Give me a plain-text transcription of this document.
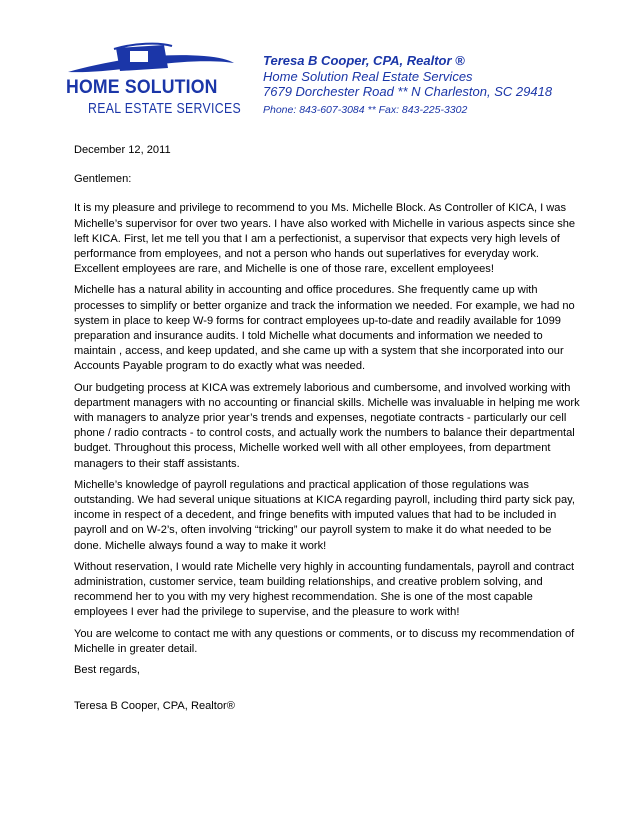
HOME SOLUTION
REAL ESTATE SERVICES
Teresa B Cooper, CPA, Realtor ®
Home Solution Real Estate Services
7679 Dorchester Road ** N Charleston, SC 29418
Phone: 843-607-3084 ** Fax: 843-225-3302

December 12, 2011

Gentlemen:

It is my pleasure and privilege to recommend to you Ms. Michelle Block. As Controller of KICA, I was
Michelle’s supervisor for over two years. I have also worked with Michelle in various aspects since she
left KICA. First, let me tell you that I am a perfectionist, a supervisor that expects very high levels of
performance from employees, and not a person who hands out superlatives for everyday work.
Excellent employees are rare, and Michelle is one of those rare, excellent employees!

Michelle has a natural ability in accounting and office procedures. She frequently came up with
processes to simplify or better organize and track the information we needed. For example, we had no
system in place to keep W-9 forms for contract employees up-to-date and readily available for 1099
preparation and insurance audits. I told Michelle what documents and information we needed to
maintain , access, and keep updated, and she came up with a system that she incorporated into our
Accounts Payable program to do exactly what was needed.

Our budgeting process at KICA was extremely laborious and cumbersome, and involved working with
department managers with no accounting or financial skills. Michelle was invaluable in helping me work
with managers to analyze prior year’s trends and expenses, negotiate contracts - particularly our cell
phone / radio contracts - to control costs, and actually work the numbers to balance their departmental
budget. Throughout this process, Michelle worked well with all other employees, from department
managers to their staff assistants.

Michelle’s knowledge of payroll regulations and practical application of those regulations was
outstanding. We had several unique situations at KICA regarding payroll, including third party sick pay,
income in respect of a decedent, and fringe benefits with imputed values that had to be included in
payroll and on W-2’s, often involving “tricking” our payroll system to make it do what needed to be
done. Michelle always found a way to make it work!

Without reservation, I would rate Michelle very highly in accounting fundamentals, payroll and contract
administration, customer service, team building relationships, and creative problem solving, and
recommend her to you with my very highest recommendation. She is one of the most capable
employees I ever had the privilege to supervise, and the pleasure to work with!

You are welcome to contact me with any questions or comments, or to discuss my recommendation of
Michelle in greater detail.

Best regards,

Teresa B Cooper, CPA, Realtor®
